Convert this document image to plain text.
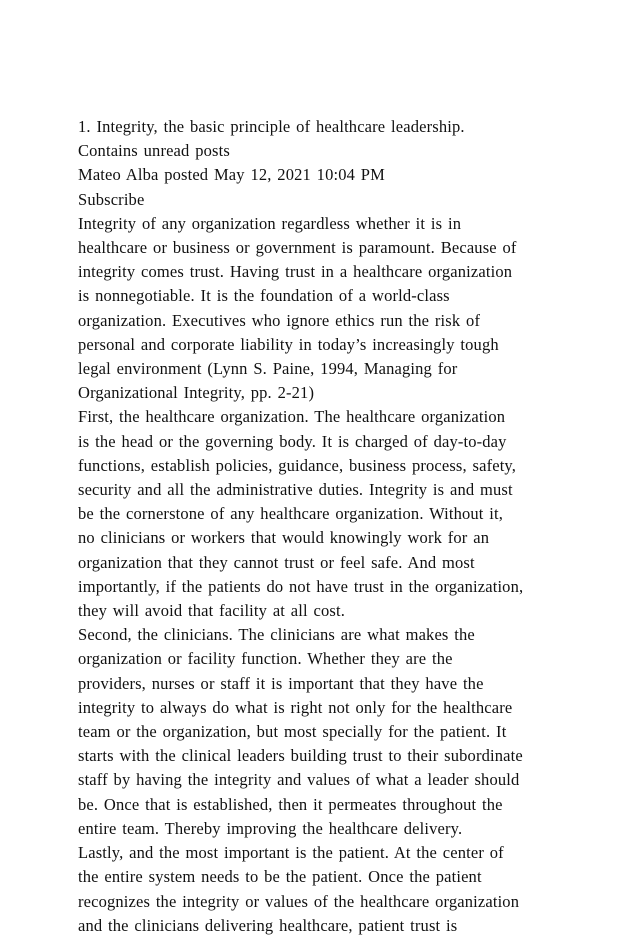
1. Integrity, the basic principle of healthcare leadership.
Contains unread posts
Mateo Alba posted May 12, 2021 10:04 PM
Subscribe
Integrity of any organization regardless whether it is in
healthcare or business or government is paramount. Because of
integrity comes trust. Having trust in a healthcare organization
is nonnegotiable. It is the foundation of a world-class
organization. Executives who ignore ethics run the risk of
personal and corporate liability in today’s increasingly tough
legal environment (Lynn S. Paine, 1994, Managing for
Organizational Integrity, pp. 2-21)
First, the healthcare organization. The healthcare organization
is the head or the governing body. It is charged of day-to-day
functions, establish policies, guidance, business process, safety,
security and all the administrative duties. Integrity is and must
be the cornerstone of any healthcare organization. Without it,
no clinicians or workers that would knowingly work for an
organization that they cannot trust or feel safe. And most
importantly, if the patients do not have trust in the organization,
they will avoid that facility at all cost.
Second, the clinicians. The clinicians are what makes the
organization or facility function. Whether they are the
providers, nurses or staff it is important that they have the
integrity to always do what is right not only for the healthcare
team or the organization, but most specially for the patient. It
starts with the clinical leaders building trust to their subordinate
staff by having the integrity and values of what a leader should
be. Once that is established, then it permeates throughout the
entire team. Thereby improving the healthcare delivery.
Lastly, and the most important is the patient. At the center of
the entire system needs to be the patient. Once the patient
recognizes the integrity or values of the healthcare organization
and the clinicians delivering healthcare, patient trust is
